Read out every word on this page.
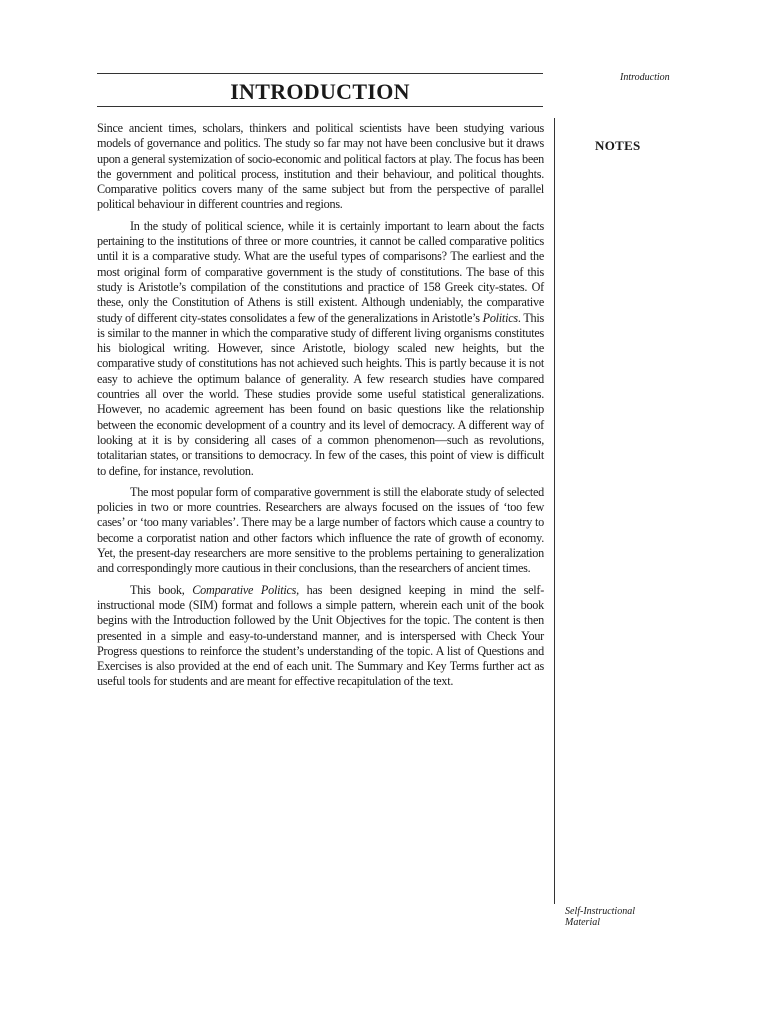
Introduction
INTRODUCTION
NOTES

Since ancient times, scholars, thinkers and political scientists have been studying various models of governance and politics. The study so far may not have been conclusive but it draws upon a general systemization of socio-economic and political factors at play. The focus has been the government and political process, institution and their behaviour, and political thoughts. Comparative politics covers many of the same subject but from the perspective of parallel political behaviour in different countries and regions.

In the study of political science, while it is certainly important to learn about the facts pertaining to the institutions of three or more countries, it cannot be called comparative politics until it is a comparative study. What are the useful types of comparisons? The earliest and the most original form of comparative government is the study of constitutions. The base of this study is Aristotle’s compilation of the constitutions and practice of 158 Greek city-states. Of these, only the Constitution of Athens is still existent. Although undeniably, the comparative study of different city-states consolidates a few of the generalizations in Aristotle’s Politics. This is similar to the manner in which the comparative study of different living organisms constitutes his biological writing. However, since Aristotle, biology scaled new heights, but the comparative study of constitutions has not achieved such heights. This is partly because it is not easy to achieve the optimum balance of generality. A few research studies have compared countries all over the world. These studies provide some useful statistical generalizations. However, no academic agreement has been found on basic questions like the relationship between the economic development of a country and its level of democracy. A different way of looking at it is by considering all cases of a common phenomenon—such as revolutions, totalitarian states, or transitions to democracy. In few of the cases, this point of view is difficult to define, for instance, revolution.

The most popular form of comparative government is still the elaborate study of selected policies in two or more countries. Researchers are always focused on the issues of ‘too few cases’ or ‘too many variables’. There may be a large number of factors which cause a country to become a corporatist nation and other factors which influence the rate of growth of economy. Yet, the present-day researchers are more sensitive to the problems pertaining to generalization and correspondingly more cautious in their conclusions, than the researchers of ancient times.

This book, Comparative Politics, has been designed keeping in mind the self-instructional mode (SIM) format and follows a simple pattern, wherein each unit of the book begins with the Introduction followed by the Unit Objectives for the topic. The content is then presented in a simple and easy-to-understand manner, and is interspersed with Check Your Progress questions to reinforce the student’s understanding of the topic. A list of Questions and Exercises is also provided at the end of each unit. The Summary and Key Terms further act as useful tools for students and are meant for effective recapitulation of the text.

Self-Instructional
Material
